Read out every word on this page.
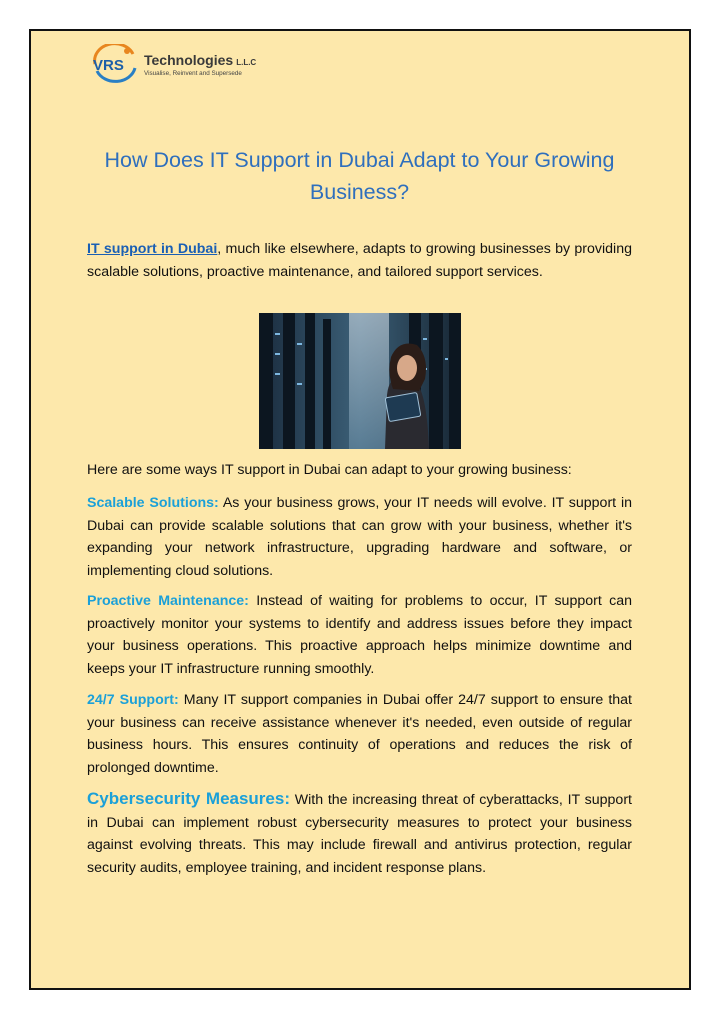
VRS Technologies L.L.C
Visualise, Reinvent and Supersede
How Does IT Support in Dubai Adapt to Your Growing Business?
IT support in Dubai, much like elsewhere, adapts to growing businesses by providing scalable solutions, proactive maintenance, and tailored support services.
Here are some ways IT support in Dubai can adapt to your growing business:
Scalable Solutions: As your business grows, your IT needs will evolve. IT support in Dubai can provide scalable solutions that can grow with your business, whether it's expanding your network infrastructure, upgrading hardware and software, or implementing cloud solutions.
Proactive Maintenance: Instead of waiting for problems to occur, IT support can proactively monitor your systems to identify and address issues before they impact your business operations. This proactive approach helps minimize downtime and keeps your IT infrastructure running smoothly.
24/7 Support: Many IT support companies in Dubai offer 24/7 support to ensure that your business can receive assistance whenever it's needed, even outside of regular business hours. This ensures continuity of operations and reduces the risk of prolonged downtime.
Cybersecurity Measures: With the increasing threat of cyberattacks, IT support in Dubai can implement robust cybersecurity measures to protect your business against evolving threats. This may include firewall and antivirus protection, regular security audits, employee training, and incident response plans.
